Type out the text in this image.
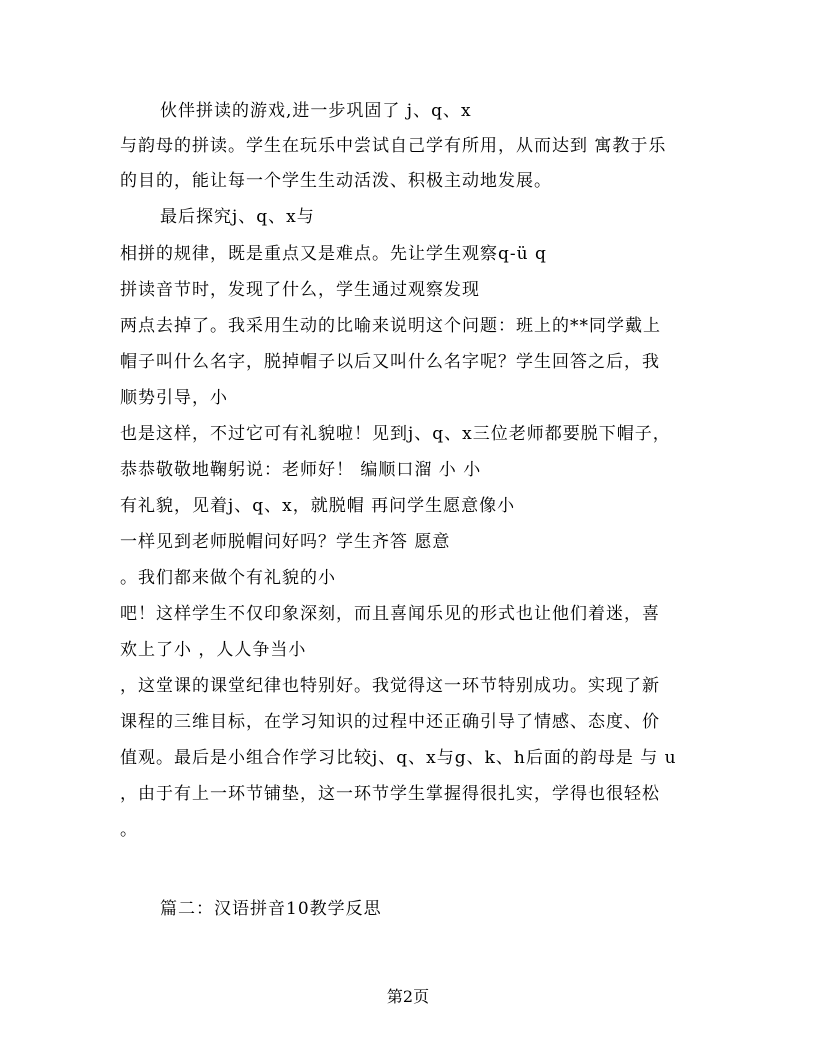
伙伴拼读的游戏,进一步巩固了 j、q、x
与韵母的拼读。学生在玩乐中尝试自己学有所用，从而达到 寓教于乐
的目的，能让每一个学生生动活泼、积极主动地发展。
最后探究j、q、x与
相拼的规律，既是重点又是难点。先让学生观察q-ü q
拼读音节时，发现了什么，学生通过观察发现
两点去掉了。我采用生动的比喻来说明这个问题：班上的**同学戴上
帽子叫什么名字，脱掉帽子以后又叫什么名字呢？学生回答之后，我
顺势引导，小
也是这样，不过它可有礼貌啦！见到j、q、x三位老师都要脱下帽子，
恭恭敬敬地鞠躬说：老师好！ 编顺口溜 小 小
有礼貌，见着j、q、x，就脱帽 再问学生愿意像小
一样见到老师脱帽问好吗？学生齐答 愿意
。我们都来做个有礼貌的小
吧！这样学生不仅印象深刻，而且喜闻乐见的形式也让他们着迷，喜
欢上了小 ，人人争当小
，这堂课的课堂纪律也特别好。我觉得这一环节特别成功。实现了新
课程的三维目标，在学习知识的过程中还正确引导了情感、态度、价
值观。最后是小组合作学习比较j、q、x与g、k、h后面的韵母是 与 u
，由于有上一环节铺垫，这一环节学生掌握得很扎实，学得也很轻松
。
篇二：汉语拼音10教学反思
第2页
